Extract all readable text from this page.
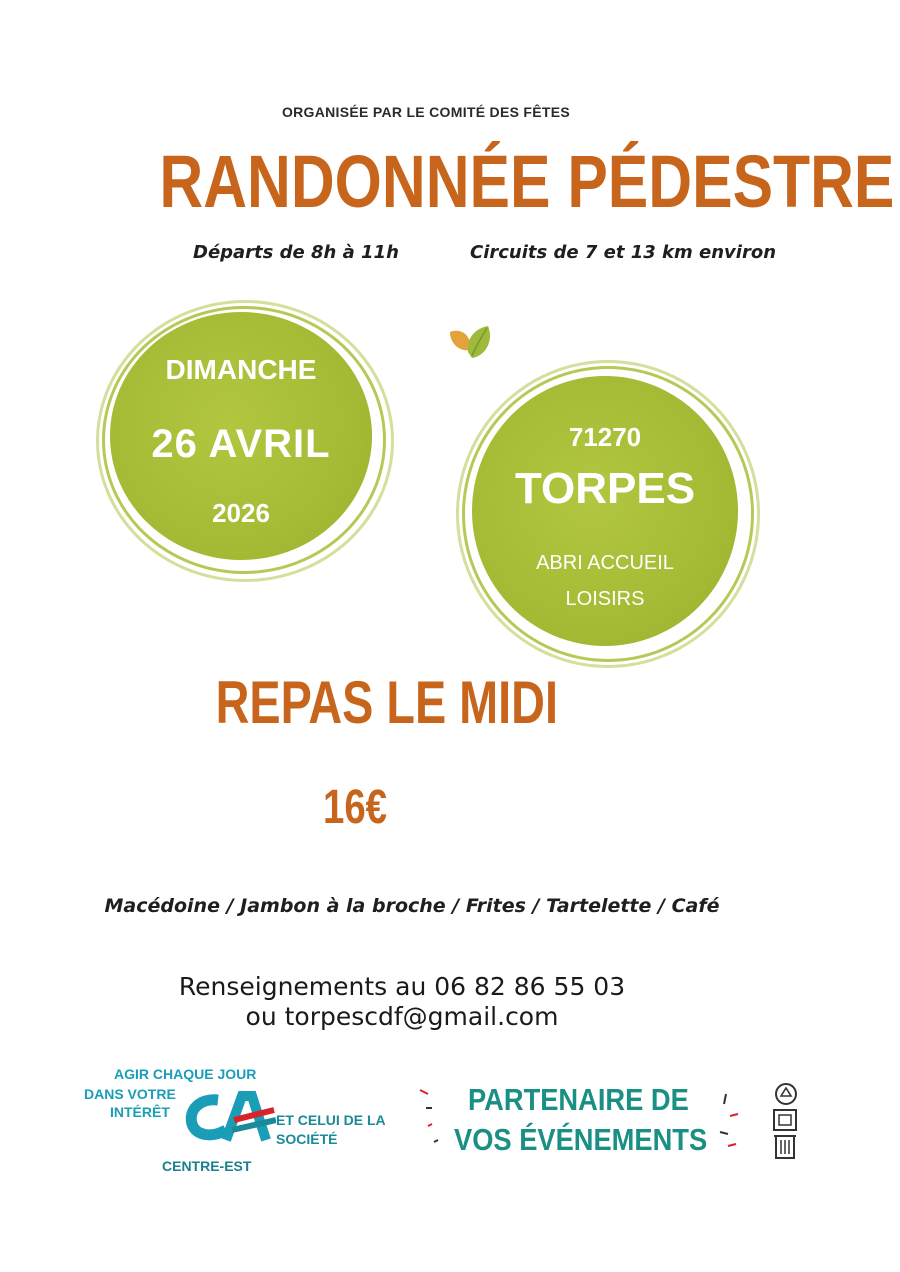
ORGANISÉE PAR LE COMITÉ DES FÊTES
RANDONNÉE PÉDESTRE
Départs de 8h à 11h	Circuits de 7 et 13 km environ
DIMANCHE
26 AVRIL
2026
71270
TORPES
ABRI ACCUEIL
LOISIRS
REPAS LE MIDI
16€
Macédoine / Jambon à la broche / Frites / Tartelette / Café
Renseignements au 06 82 86 55 03
ou torpescdf@gmail.com
AGIR CHAQUE JOUR
DANS VOTRE
INTÉRÊT	ET CELUI DE LA
SOCIÉTÉ
CENTRE-EST
PARTENAIRE DE
VOS ÉVÉNEMENTS
